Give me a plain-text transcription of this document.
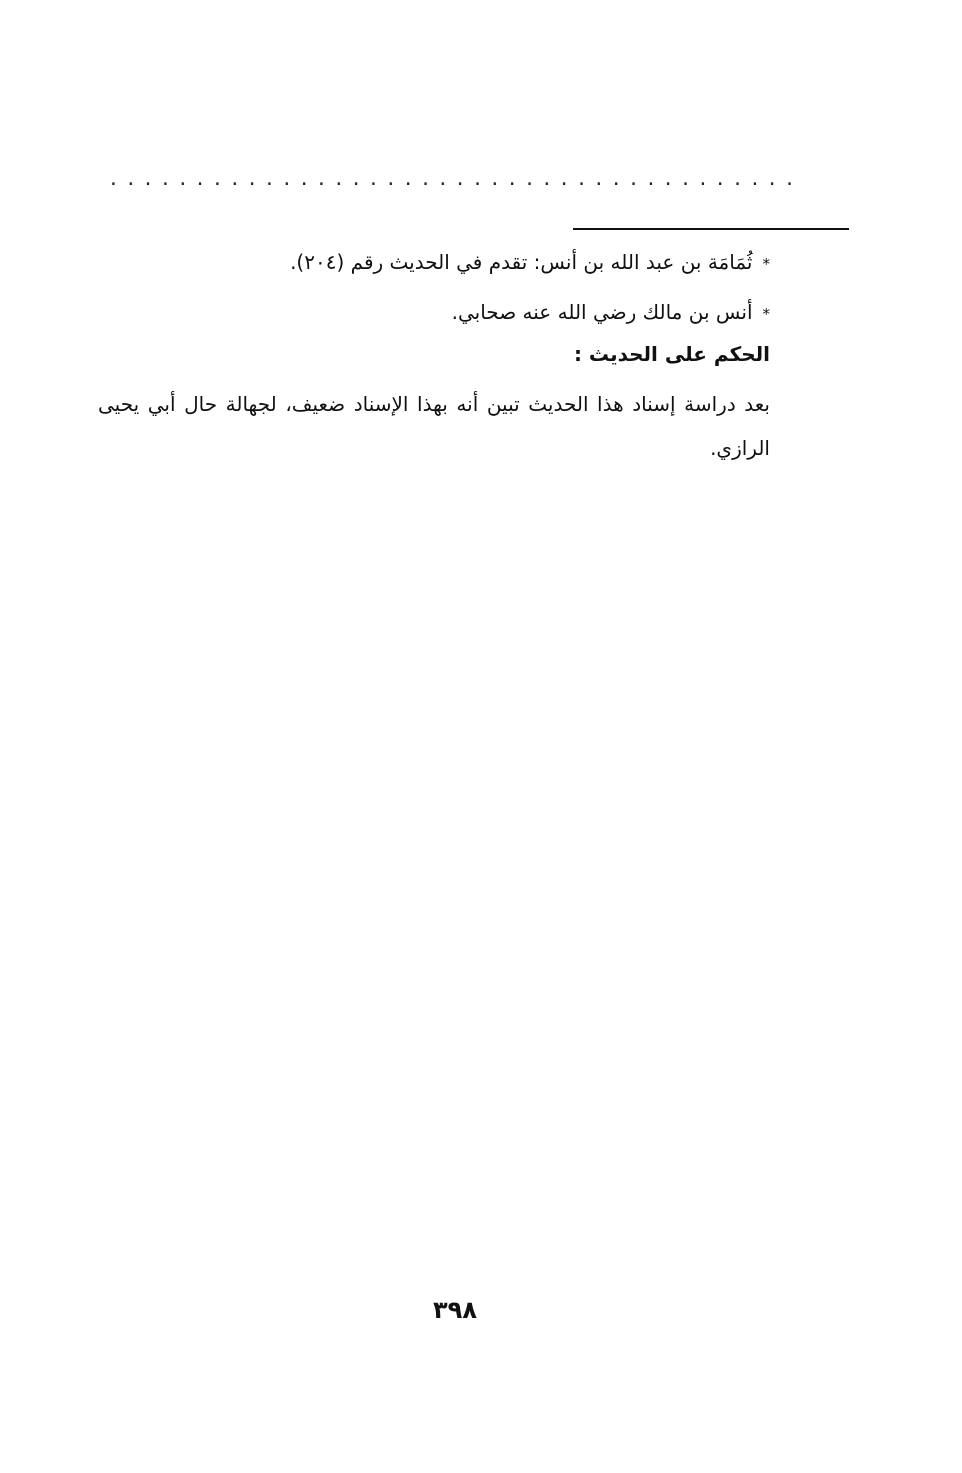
........................................
*ثُمَامَة بن عبد الله بن أنس: تقدم في الحديث رقم (٢٠٤).
*أنس بن مالك رضي الله عنه صحابي.
الحكم على الحديث :
بعد دراسة إسناد هذا الحديث تبين أنه بهذا الإسناد ضعيف، لجهالة حال أبي يحيى الرازي.
٣٩٨
